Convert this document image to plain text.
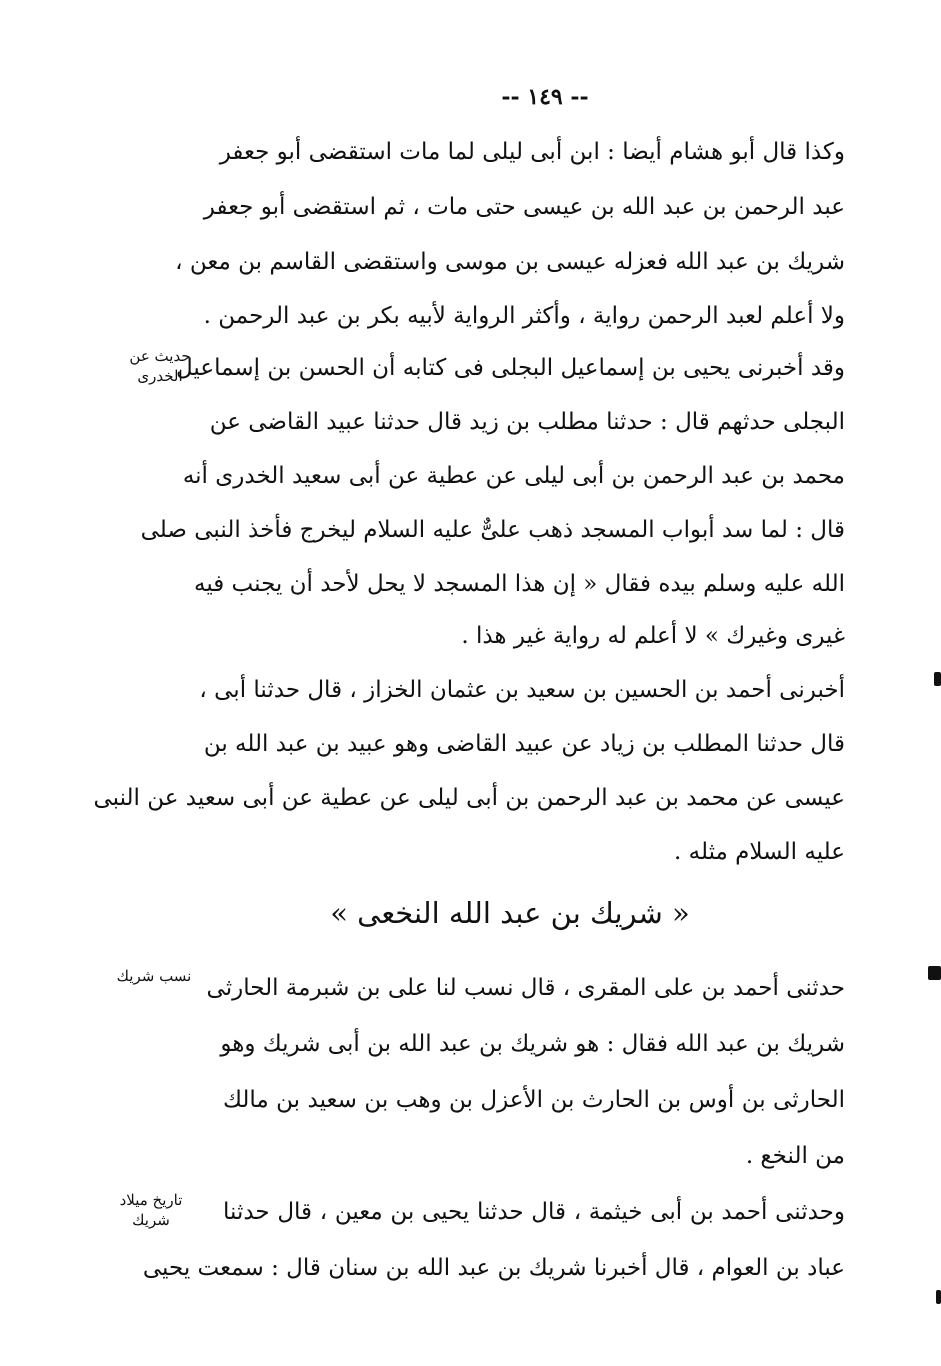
-- ١٤٩ --
وكذا قال أبو هشام أيضا : ابن أبى ليلى لما مات استقضى أبو جعفر
عبد الرحمن بن عبد الله بن عيسى حتى مات ، ثم استقضى أبو جعفر
شريك بن عبد الله فعزله عيسى بن موسى واستقضى القاسم بن معن ،
ولا أعلم لعبد الرحمن رواية ، وأكثر الرواية لأبيه بكر بن عبد الرحمن .
وقد أخبرنى يحيى بن إسماعيل البجلى فى كتابه أن الحسن بن إسماعيل
البجلى حدثهم قال : حدثنا مطلب بن زيد قال حدثنا عبيد القاضى عن
محمد بن عبد الرحمن بن أبى ليلى عن عطية عن أبى سعيد الخدرى أنه
قال : لما سد أبواب المسجد ذهب علىٌّ عليه السلام ليخرج فأخذ النبى صلى
الله عليه وسلم بيده فقال « إن هذا المسجد لا يحل لأحد أن يجنب فيه
غيرى وغيرك » لا أعلم له رواية غير هذا .
أخبرنى أحمد بن الحسين بن سعيد بن عثمان الخزاز ، قال حدثنا أبى ،
قال حدثنا المطلب بن زياد عن عبيد القاضى وهو عبيد بن عبد الله بن
عيسى عن محمد بن عبد الرحمن بن أبى ليلى عن عطية عن أبى سعيد عن النبى
عليه السلام مثله .
« شريك بن عبد الله النخعى »
حدثنى أحمد بن على المقرى ، قال نسب لنا على بن شبرمة الحارثى
شريك بن عبد الله فقال : هو شريك بن عبد الله بن أبى شريك وهو
الحارثى بن أوس بن الحارث بن الأعزل بن وهب بن سعيد بن مالك
من النخع .
وحدثنى أحمد بن أبى خيثمة ، قال حدثنا يحيى بن معين ، قال حدثنا
عباد بن العوام ، قال أخبرنا شريك بن عبد الله بن سنان قال : سمعت يحيى
حديث عن الخدرى
نسب شريك
تاريخ ميلاد شريك
